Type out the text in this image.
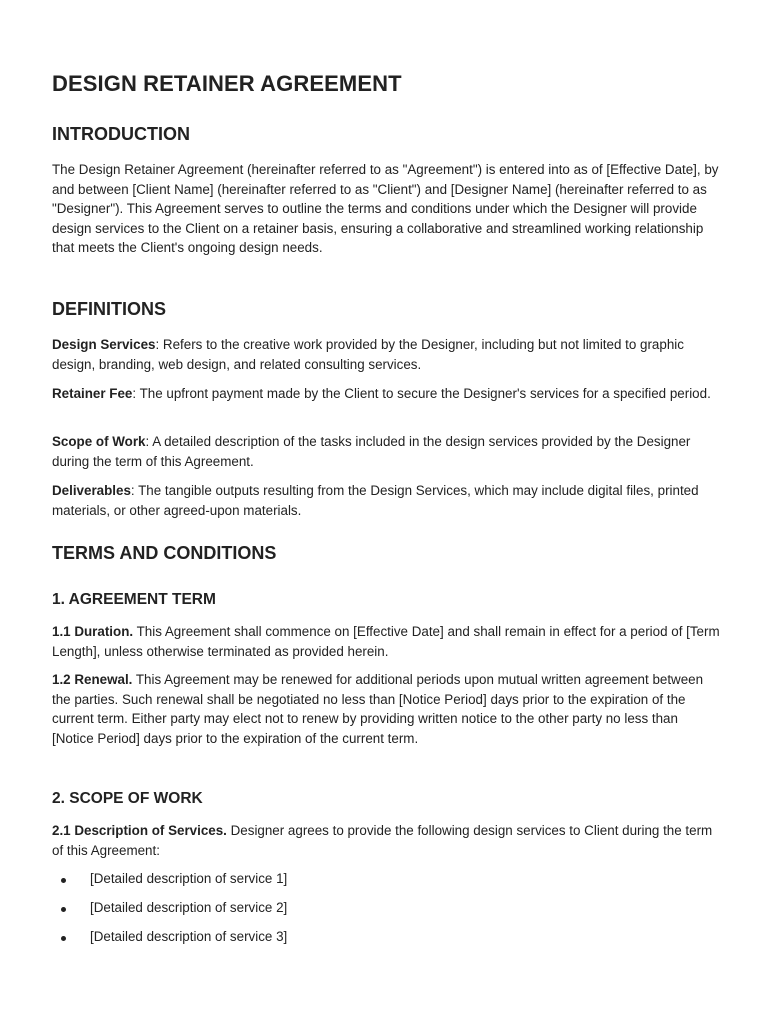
DESIGN RETAINER AGREEMENT
INTRODUCTION

The Design Retainer Agreement (hereinafter referred to as "Agreement") is entered into as of [Effective Date], by and between [Client Name] (hereinafter referred to as "Client") and [Designer Name] (hereinafter referred to as "Designer"). This Agreement serves to outline the terms and conditions under which the Designer will provide design services to the Client on a retainer basis, ensuring a collaborative and streamlined working relationship that meets the Client's ongoing design needs.

DEFINITIONS

Design Services: Refers to the creative work provided by the Designer, including but not limited to graphic design, branding, web design, and related consulting services.

Retainer Fee: The upfront payment made by the Client to secure the Designer's services for a specified period.

Scope of Work: A detailed description of the tasks included in the design services provided by the Designer during the term of this Agreement.

Deliverables: The tangible outputs resulting from the Design Services, which may include digital files, printed materials, or other agreed-upon materials.

TERMS AND CONDITIONS
1. AGREEMENT TERM

1.1 Duration. This Agreement shall commence on [Effective Date] and shall remain in effect for a period of [Term Length], unless otherwise terminated as provided herein.

1.2 Renewal. This Agreement may be renewed for additional periods upon mutual written agreement between the parties. Such renewal shall be negotiated no less than [Notice Period] days prior to the expiration of the current term. Either party may elect not to renew by providing written notice to the other party no less than [Notice Period] days prior to the expiration of the current term.

2. SCOPE OF WORK

2.1 Description of Services. Designer agrees to provide the following design services to Client during the term of this Agreement:

[Detailed description of service 1]
[Detailed description of service 2]
[Detailed description of service 3]
